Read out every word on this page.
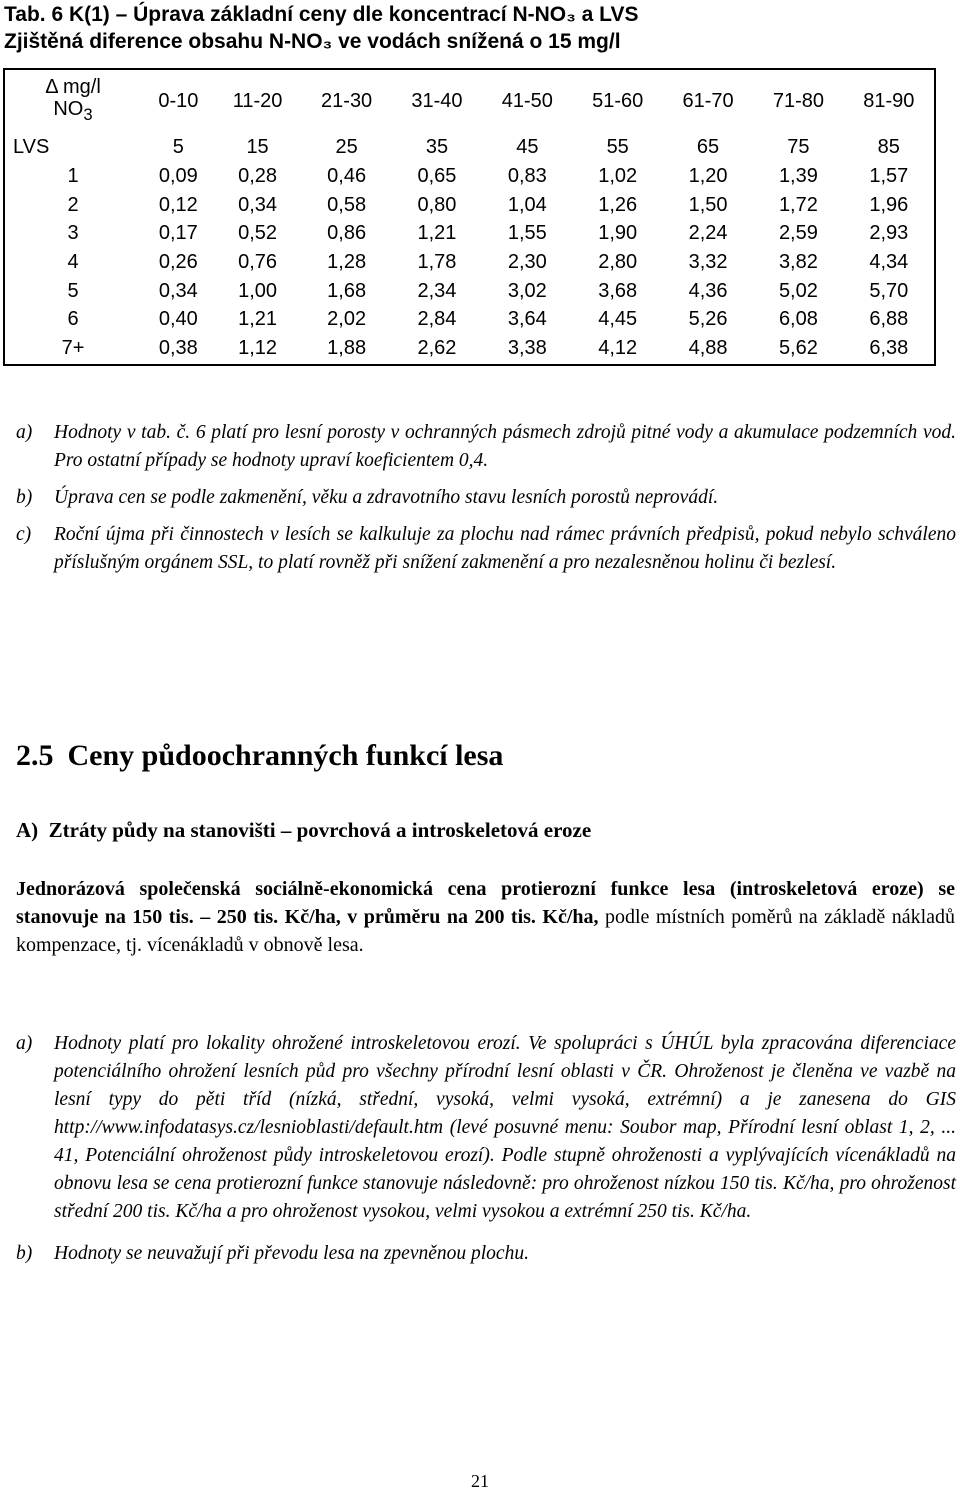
Tab. 6 K(1) – Úprava základní ceny dle koncentrací N-NO₃ a LVS
Zjištěná diference obsahu N-NO₃ ve vodách snížená o 15 mg/l
Δ mg/l
$NO_3$	0-10	11-20	21-30	31-40	41-50	51-60	61-70	71-80	81-90
LVS	5	15	25	35	45	55	65	75	85
1	0,09	0,28	0,46	0,65	0,83	1,02	1,20	1,39	1,57
2	0,12	0,34	0,58	0,80	1,04	1,26	1,50	1,72	1,96
3	0,17	0,52	0,86	1,21	1,55	1,90	2,24	2,59	2,93
4	0,26	0,76	1,28	1,78	2,30	2,80	3,32	3,82	4,34
5	0,34	1,00	1,68	2,34	3,02	3,68	4,36	5,02	5,70
6	0,40	1,21	2,02	2,84	3,64	4,45	5,26	6,08	6,88
7+	0,38	1,12	1,88	2,62	3,38	4,12	4,88	5,62	6,38

a)	Hodnoty v tab. č. 6 platí pro lesní porosty v ochranných pásmech zdrojů pitné vody a akumulace podzemních vod. Pro ostatní případy se hodnoty upraví koeficientem 0,4.

b)	Úprava cen se podle zakmenění, věku a zdravotního stavu lesních porostů neprovádí.

c)	Roční újma při činnostech v lesích se kalkuluje za plochu nad rámec právních předpisů, pokud nebylo schváleno příslušným orgánem SSL, to platí rovněž při snížení zakmenění a pro nezalesněnou holinu či bezlesí.

2.5 Ceny půdoochranných funkcí lesa
A) Ztráty půdy na stanovišti – povrchová a introskeletová eroze
Jednorázová společenská sociálně-ekonomická cena protierozní funkce lesa (introskeletová eroze) se stanovuje na 150 tis. – 250 tis. Kč/ha, v průměru na 200 tis. Kč/ha, podle místních poměrů na základě nákladů kompenzace, tj. vícenákladů v obnově lesa.

a)	Hodnoty platí pro lokality ohrožené introskeletovou erozí. Ve spolupráci s ÚHÚL byla zpracována diferenciace potenciálního ohrožení lesních půd pro všechny přírodní lesní oblasti v ČR. Ohroženost je členěna ve vazbě na lesní typy do pěti tříd (nízká, střední, vysoká, velmi vysoká, extrémní) a je zanesena do GIS http://www.infodatasys.cz/lesnioblasti/default.htm (levé posuvné menu: Soubor map, Přírodní lesní oblast 1, 2, ... 41, Potenciální ohroženost půdy introskeletovou erozí). Podle stupně ohroženosti a vyplývajících vícenákladů na obnovu lesa se cena protierozní funkce stanovuje následovně: pro ohroženost nízkou 150 tis. Kč/ha, pro ohroženost střední 200 tis. Kč/ha a pro ohroženost vysokou, velmi vysokou a extrémní 250 tis. Kč/ha.

b)	Hodnoty se neuvažují při převodu lesa na zpevněnou plochu.

21
